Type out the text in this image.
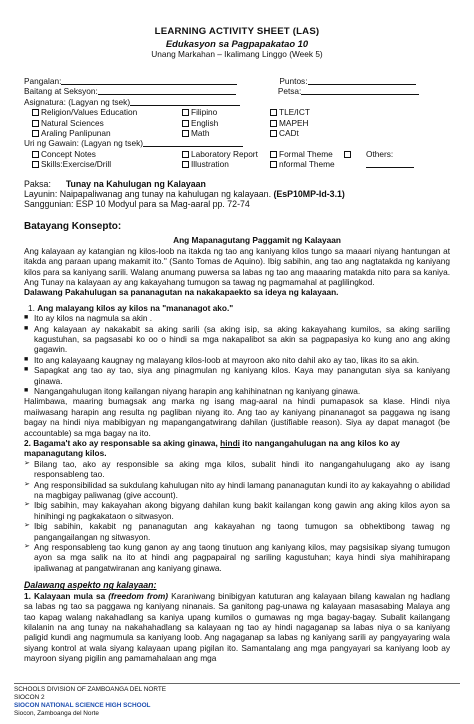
LEARNING ACTIVITY SHEET (LAS)
Edukasyon sa Pagpapakatao 10
Unang Markahan – Ikalimang Linggo (Week 5)
Pangalan:	Puntos:
Baitang at Seksyon:	Petsa:
Asignatura: (Lagyan ng tsek)
Religion/Values Education	Filipino	TLE/ICT
Natural Sciences	English	MAPEH
Araling Panlipunan	Math	CADt
Uri ng Gawain: (Lagyan ng tsek)
Concept Notes	Laboratory Report	Formal Theme	Others:
Skills:Exercise/Drill	Illustration	nformal Theme
Paksa: Tunay na Kahulugan ng Kalayaan
Layunin: Naipapaliwanag ang tunay na kahulugan ng kalayaan. (EsP10MP-Id-3.1)
Sanggunian: ESP 10 Modyul para sa Mag-aaral pp. 72-74
Batayang Konsepto:
Ang Mapanagutang Paggamit ng Kalayaan

Ang kalayaan ay katangian ng kilos-loob na itakda ng tao ang kaniyang kilos tungo sa maaari niyang hantungan at itakda ang paraan upang makamit ito." (Santo Tomas de Aquino). Ibig sabihin, ang tao ang nagtatakda ng kaniyang kilos para sa kaniyang sarili. Walang anumang puwersa sa labas ng tao ang maaaring matakda nito para sa kaniya. Ang Tunay na kalayaan ay ang kakayahang tumugon sa tawag ng pagmamahal at paglilingkod.

Dalawang Pakahulugan sa pananagutan na nakakapaektо sa ideya ng kalayaan.

1. Ang malayang kilos ay kilos na "mananagot ako."
■ Ito ay kilos na nagmula sa akin .
■ Ang kalayaan ay nakakabit sa aking sarili (sa aking isip, sa aking kakayahang kumilos, sa aking sariling kagustuhan, sa pagsasabi ko oo o hindi sa mga nakapalibot sa akin sa pagpapasiya ko kung ano ang aking gagawin.
■ Ito ang kalayaang kaugnay ng malayang kilos-loob at mayroon ako nito dahil ako ay tao, likas ito sa akin.
■ Sapagkat ang tao ay tao, siya ang pinagmulan ng kaniyang kilos. Kaya may panangutan siya sa kaniyang ginawa.
■ Nangangahulugan itong kailangan niyang harapin ang kahihinatnan ng kaniyang ginawa.

Halimbawa, maaring bumagsak ang marka ng isang mag-aaral na hindi pumapasok sa klase. Hindi niya maiiwasang harapin ang resulta ng pagliban niyang ito. Ang tao ay kaniyang pinananagot sa paggawa ng isang bagay na hindi niya mabibigyan ng mapangangatwirang dahilan (justifiable reason). Siya ay dapat managot (be accountable) sa mga bagay na ito.

2. Bagama't ako ay responsable sa aking ginawa, hindi ito nangangahulugan na ang kilos ko ay mapanagutang kilos.
➢ Bilang tao, ako ay responsible sa aking mga kilos, subalit hindi ito nangangahulugang ako ay isang responsableng tao.
➢ Ang responsibilidad sa sukdulang kahulugan nito ay hindi lamang pananagutan kundi ito ay kakayahng o abilidad na magbigay paliwanag (give account).
➢ Ibig sabihin, may kakayahan akong bigyang dahilan kung bakit kailangan kong gawin ang aking kilos ayon sa hinihingi ng pagkakataon o sitwasyon.
➢ Ibig sabihin, kakabit ng pananagutan ang kakayahan ng taong tumugon sa obhektibong tawag ng pangangailangan ng sitwasyon.
➢ Ang responsableng tao kung ganon ay ang taong tinutuon ang kaniyang kilos, may pagsisikap siyang tumugon ayon sa mga salik na ito at hindi ang pagpapairal ng sariling kagustuhan; kaya hindi siya mahihirapang ipaliwanag at pangatwiranan ang kaniyang ginawa.
Dalawang aspekto ng kalayaan:

1. Kalayaan mula sa (freedom from) Karaniwang binibigyan katuturan ang kalayaan bilang kawalan ng hadlang sa labas ng tao sa paggawa ng kaniyang ninanais. Sa ganitong pag-unawa ng kalayaan masasabing Malaya ang tao kapag walang nakahadlang sa kaniya upang kumilos o gumawas ng mga bagay-bagay. Subalit kailangang kilalanin na ang tunay na nakahahadlang sa kalayaan ng tao ay hindi nagaganap sa labas niya o sa kaniyang paligid kundi ang nagmumula sa kaniyang loob. Ang nagaganap sa labas ng kaniyang sarili ay pangyayaring wala siyang kontrol at wala siyang kalayaan upang pigilan ito. Samantalang ang mga pangyayari sa kaniyang loob ay mayroon siyang pigilin ang pamamahalaan ang mga

SCHOOLS DIVISION OF ZAMBOANGA DEL NORTE
SIOCON 2
SIOCON NATIONAL SCIENCE HIGH SCHOOL
Siocon, Zamboanga del Norte
